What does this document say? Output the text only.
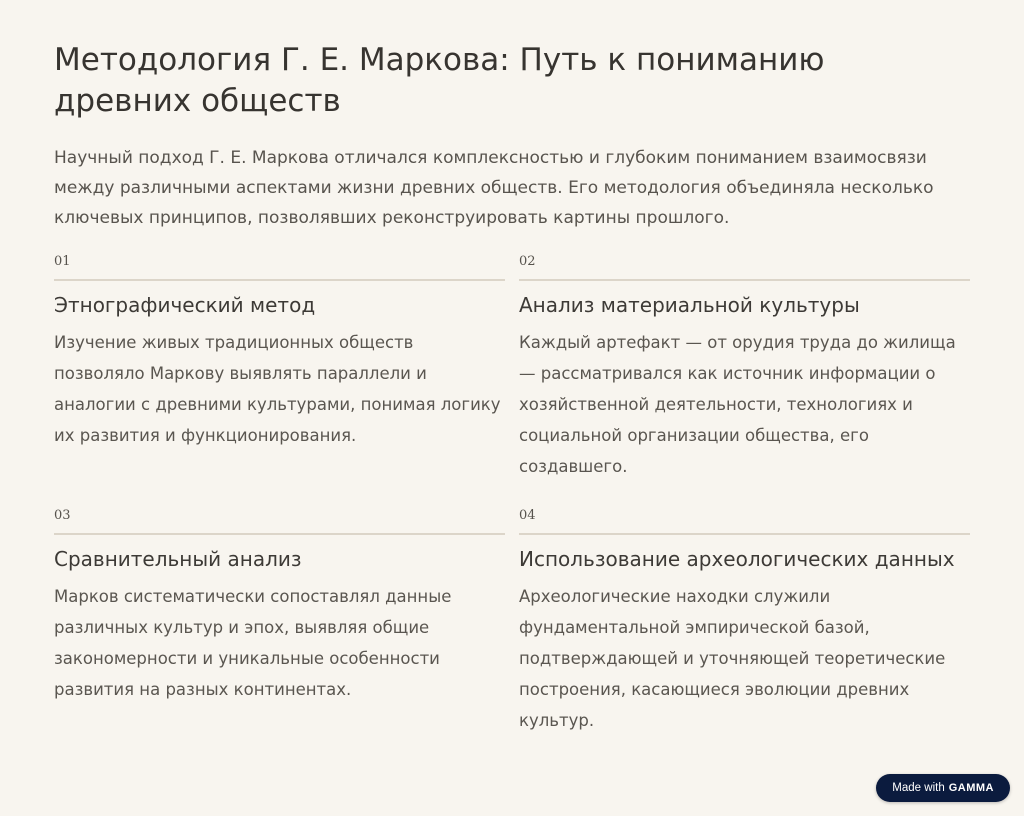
Методология Г. Е. Маркова: Путь к пониманию древних обществ

Научный подход Г. Е. Маркова отличался комплексностью и глубоким пониманием взаимосвязи между различными аспектами жизни древних обществ. Его методология объединяла несколько ключевых принципов, позволявших реконструировать картины прошлого.

01
Этнографический метод

Изучение живых традиционных обществ позволяло Маркову выявлять параллели и аналогии с древними культурами, понимая логику их развития и функционирования.

02
Анализ материальной культуры

Каждый артефакт — от орудия труда до жилища — рассматривался как источник информации о хозяйственной деятельности, технологиях и социальной организации общества, его создавшего.

03
Сравнительный анализ

Марков систематически сопоставлял данные различных культур и эпох, выявляя общие закономерности и уникальные особенности развития на разных континентах.

04
Использование археологических данных

Археологические находки служили фундаментальной эмпирической базой, подтверждающей и уточняющей теоретические построения, касающиеся эволюции древних культур.

Made with GAMMA
